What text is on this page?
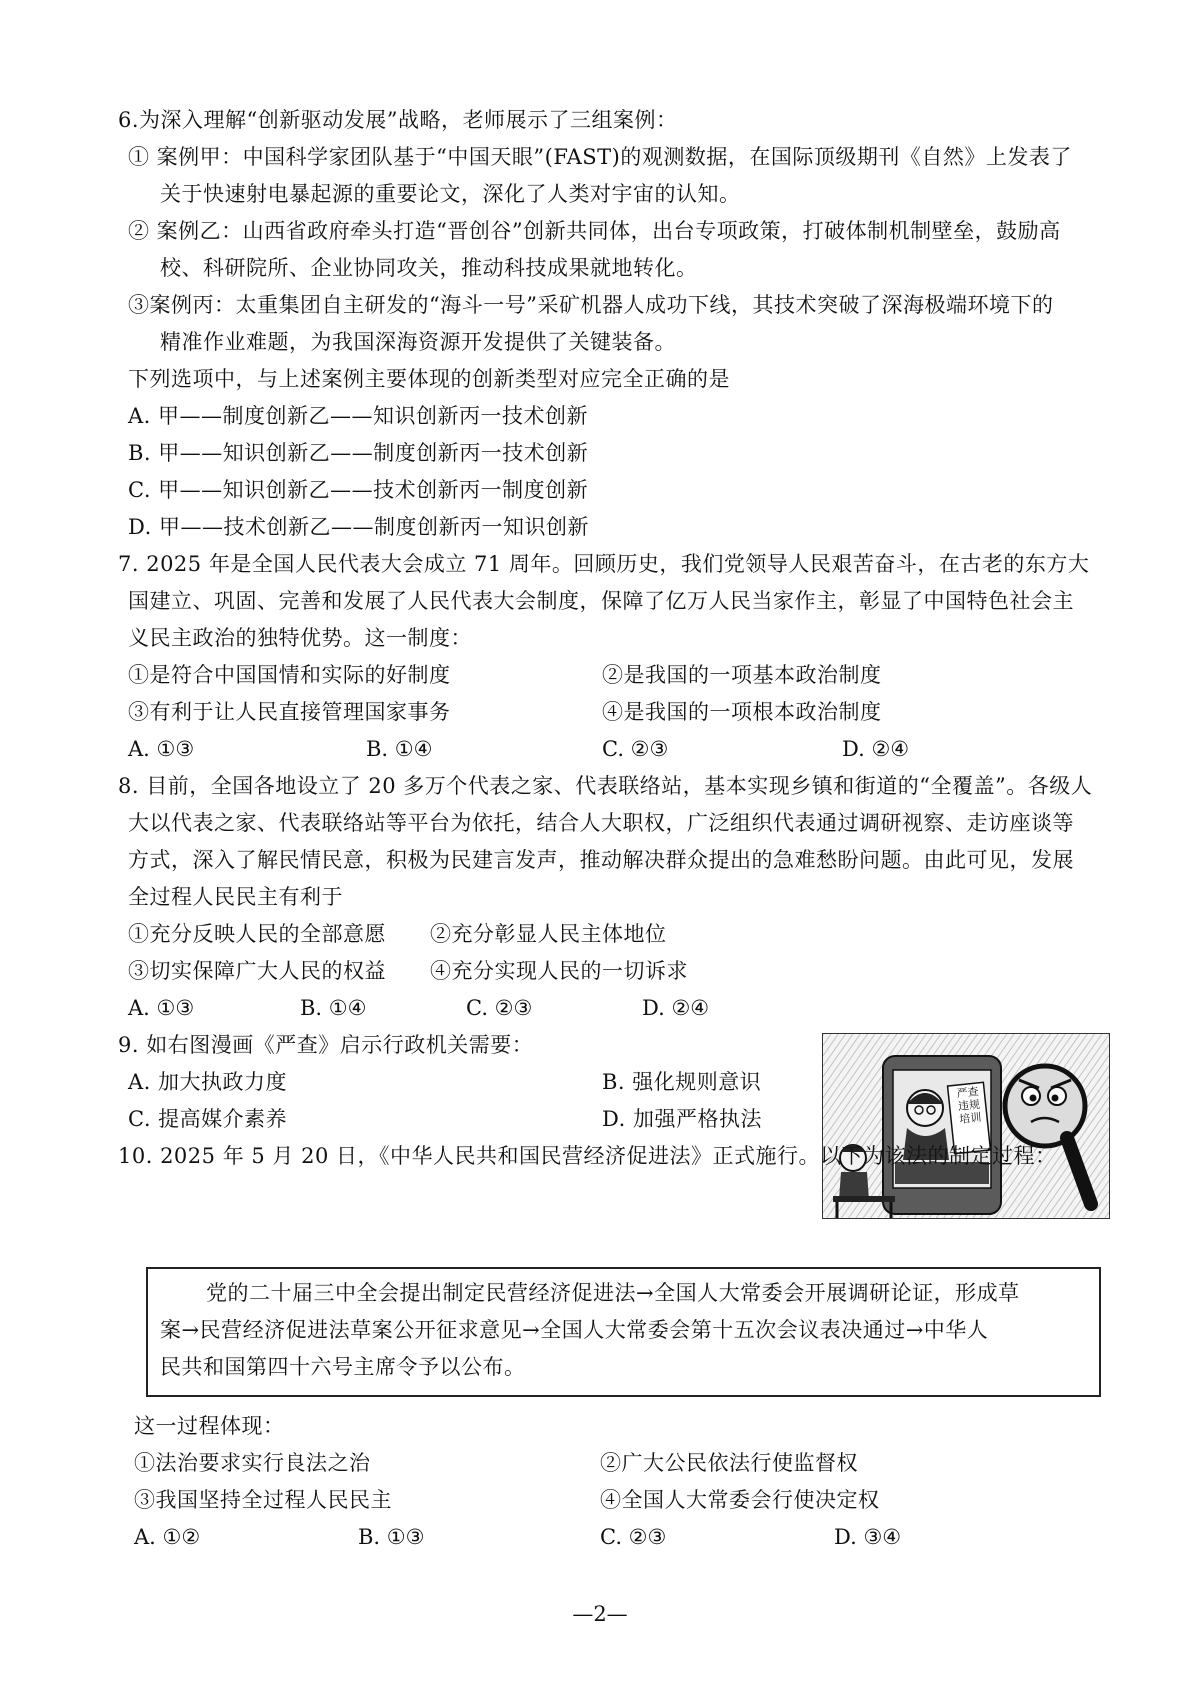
6.为深入理解“创新驱动发展”战略，老师展示了三组案例：
① 案例甲：中国科学家团队基于“中国天眼”(FAST)的观测数据，在国际顶级期刊《自然》上发表了
关于快速射电暴起源的重要论文，深化了人类对宇宙的认知。
② 案例乙：山西省政府牵头打造“晋创谷”创新共同体，出台专项政策，打破体制机制壁垒，鼓励高
校、科研院所、企业协同攻关，推动科技成果就地转化。
③案例丙：太重集团自主研发的“海斗一号”采矿机器人成功下线，其技术突破了深海极端环境下的
精准作业难题，为我国深海资源开发提供了关键装备。
下列选项中，与上述案例主要体现的创新类型对应完全正确的是
A. 甲——制度创新乙——知识创新丙一技术创新
B. 甲——知识创新乙——制度创新丙一技术创新
C. 甲——知识创新乙——技术创新丙一制度创新
D. 甲——技术创新乙——制度创新丙一知识创新
7. 2025 年是全国人民代表大会成立 71 周年。回顾历史，我们党领导人民艰苦奋斗，在古老的东方大
国建立、巩固、完善和发展了人民代表大会制度，保障了亿万人民当家作主，彰显了中国特色社会主
义民主政治的独特优势。这一制度：
①是符合中国国情和实际的好制度	②是我国的一项基本政治制度
③有利于让人民直接管理国家事务	④是我国的一项根本政治制度
A. ①③	B. ①④	C. ②③	D. ②④
8. 目前，全国各地设立了 20 多万个代表之家、代表联络站，基本实现乡镇和街道的“全覆盖”。各级人
大以代表之家、代表联络站等平台为依托，结合人大职权，广泛组织代表通过调研视察、走访座谈等
方式，深入了解民情民意，积极为民建言发声，推动解决群众提出的急难愁盼问题。由此可见，发展
全过程人民民主有利于
①充分反映人民的全部意愿 ②充分彰显人民主体地位
③切实保障广大人民的权益 ④充分实现人民的一切诉求
A. ①③	B. ①④	C. ②③	D. ②④
严查违规培训
9. 如右图漫画《严查》启示行政机关需要：
A. 加大执政力度	B. 强化规则意识
C. 提高媒介素养	D. 加强严格执法
10. 2025 年 5 月 20 日，《中华人民共和国民营经济促进法》正式施行。以下为该法的制定过程：
党的二十届三中全会提出制定民营经济促进法→全国人大常委会开展调研论证，形成草
案→民营经济促进法草案公开征求意见→全国人大常委会第十五次会议表决通过→中华人
民共和国第四十六号主席令予以公布。
这一过程体现：
①法治要求实行良法之治	②广大公民依法行使监督权
③我国坚持全过程人民民主	④全国人大常委会行使决定权
A. ①②	B. ①③	C. ②③	D. ③④
—2—
